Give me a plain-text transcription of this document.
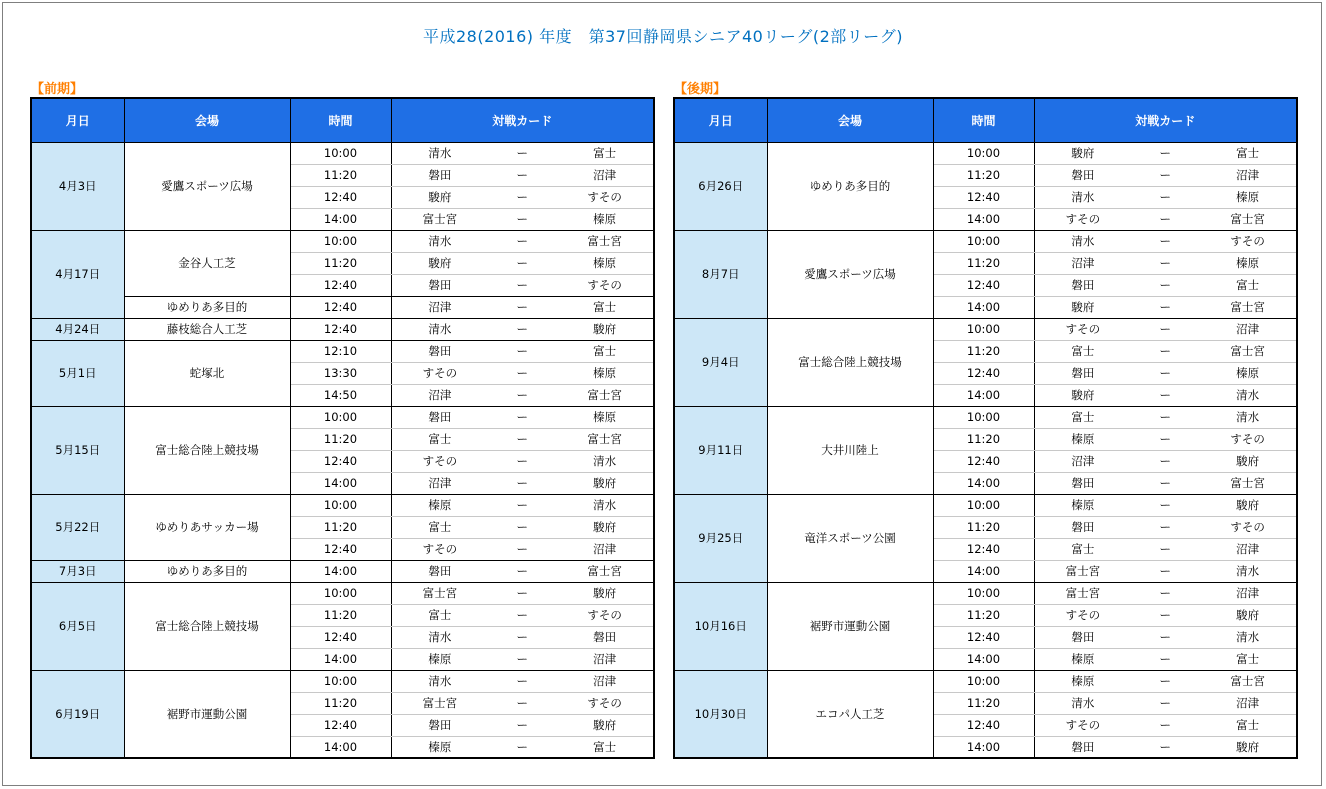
平成28(2016) 年度　第37回静岡県シニア40リーグ(2部リーグ)
【前期】	【後期】
月日	会場	時間	対戦カード
4月3日	愛鷹スポーツ広場	10:00	清水 ー 富士

		11:20	磐田 ー 沼津

		12:40	駿府 ー すその

		14:00	富士宮 ー 榛原

4月17日	金谷人工芝	10:00	清水 ー 富士宮

		11:20	駿府 ー 榛原

		12:40	磐田 ー すその

	ゆめりあ多目的	12:40	沼津 ー 富士

4月24日	藤枝総合人工芝	12:40	清水 ー 駿府

5月1日	蛇塚北	12:10	磐田 ー 富士

		13:30	すその ー 榛原

		14:50	沼津 ー 富士宮

5月15日	富士総合陸上競技場	10:00	磐田 ー 榛原

		11:20	富士 ー 富士宮

		12:40	すその ー 清水

		14:00	沼津 ー 駿府

5月22日	ゆめりあサッカー場	10:00	榛原 ー 清水

		11:20	富士 ー 駿府

		12:40	すその ー 沼津

7月3日	ゆめりあ多目的	14:00	磐田 ー 富士宮

6月5日	富士総合陸上競技場	10:00	富士宮 ー 駿府

		11:20	富士 ー すその

		12:40	清水 ー 磐田

		14:00	榛原 ー 沼津

6月19日	裾野市運動公園	10:00	清水 ー 沼津

		11:20	富士宮 ー すその

		12:40	磐田 ー 駿府

		14:00	榛原 ー 富士
月日	会場	時間	対戦カード
6月26日	ゆめりあ多目的	10:00	駿府 ー 富士

		11:20	磐田 ー 沼津

		12:40	清水 ー 榛原

		14:00	すその ー 富士宮

8月7日	愛鷹スポーツ広場	10:00	清水 ー すその

		11:20	沼津 ー 榛原

		12:40	磐田 ー 富士

		14:00	駿府 ー 富士宮

9月4日	富士総合陸上競技場	10:00	すその ー 沼津

		11:20	富士 ー 富士宮

		12:40	磐田 ー 榛原

		14:00	駿府 ー 清水

9月11日	大井川陸上	10:00	富士 ー 清水

		11:20	榛原 ー すその

		12:40	沼津 ー 駿府

		14:00	磐田 ー 富士宮

9月25日	竜洋スポーツ公園	10:00	榛原 ー 駿府

		11:20	磐田 ー すその

		12:40	富士 ー 沼津

		14:00	富士宮 ー 清水

10月16日	裾野市運動公園	10:00	富士宮 ー 沼津

		11:20	すその ー 駿府

		12:40	磐田 ー 清水

		14:00	榛原 ー 富士

10月30日	エコパ人工芝	10:00	榛原 ー 富士宮

		11:20	清水 ー 沼津

		12:40	すその ー 富士

		14:00	磐田 ー 駿府
